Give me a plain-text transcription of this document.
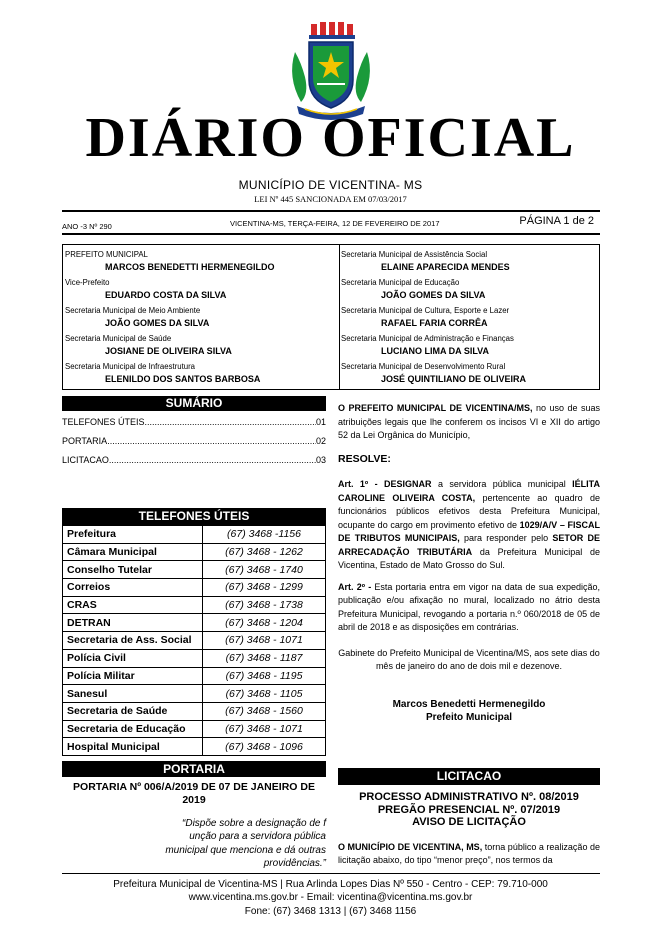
DIÁRIO OFICIAL
MUNICÍPIO DE VICENTINA- MS
LEI Nº 445 SANCIONADA EM 07/03/2017
ANO -3 Nº 290	VICENTINA-MS, TERÇA-FEIRA, 12 DE FEVEREIRO DE 2017	PÁGINA 1 de 2
PREFEITO MUNICIPAL
MARCOS BENEDETTI HERMENEGILDO
Vice-Prefeito
EDUARDO COSTA DA SILVA
Secretaria Municipal de Meio Ambiente
JOÃO GOMES DA SILVA
Secretaria Municipal de Saúde
JOSIANE DE OLIVEIRA SILVA
Secretaria Municipal de Infraestrutura
ELENILDO DOS SANTOS BARBOSA
Secretaria Municipal de Assistência Social
ELAINE APARECIDA MENDES
Secretaria Municipal de Educação
JOÃO GOMES DA SILVA
Secretaria Municipal de Cultura, Esporte e Lazer
RAFAEL FARIA CORRÊA
Secretaria Municipal de Administração e Finanças
LUCIANO LIMA DA SILVA
Secretaria Municipal de Desenvolvimento Rural
JOSÉ QUINTILIANO DE OLIVEIRA
SUMÁRIO
TELEFONES ÚTEIS .....	01
PORTARIA .....	02
LICITACAO .....	03
TELEFONES ÚTEIS
Prefeitura	(67) 3468 -1156
Câmara Municipal	(67) 3468 - 1262
Conselho Tutelar	(67) 3468 - 1740
Correios	(67) 3468 - 1299
CRAS	(67) 3468 - 1738
DETRAN	(67) 3468 - 1204
Secretaria de Ass. Social	(67) 3468 - 1071
Polícia Civil	(67) 3468 - 1187
Polícia Militar	(67) 3468 - 1195
Sanesul	(67) 3468 - 1105
Secretaria de Saúde	(67) 3468 - 1560
Secretaria de Educação	(67) 3468 - 1071
Hospital Municipal	(67) 3468 - 1096
PORTARIA
PORTARIA Nº 006/A/2019 DE 07 DE JANEIRO DE 2019
“Dispõe sobre a designação de f unção para a servidora pública municipal que menciona e dá outras providências.”

O PREFEITO MUNICIPAL DE VICENTINA/MS, no uso de suas atribuições legais que lhe conferem os incisos VI e XII do artigo 52 da Lei Orgânica do Município,

RESOLVE:

Art. 1º - DESIGNAR a servidora pública municipal IÉLITA CAROLINE OLIVEIRA COSTA, pertencente ao quadro de funcionários públicos efetivos desta Prefeitura Municipal, ocupante do cargo em provimento efetivo de 1029/A/V – FISCAL DE TRIBUTOS MUNICIPAIS, para responder pelo SETOR DE ARRECADAÇÃO TRIBUTÁRIA da Prefeitura Municipal de Vicentina, Estado de Mato Grosso do Sul.

Art. 2º - Esta portaria entra em vigor na data de sua expedição, publicação e/ou afixação no mural, localizado no átrio desta Prefeitura Municipal, revogando a portaria n.º 060/2018 de 05 de abril de 2018 e as disposições em contrárias.

Gabinete do Prefeito Municipal de Vicentina/MS, aos sete dias do mês de janeiro do ano de dois mil e dezenove.

Marcos Benedetti Hermenegildo
Prefeito Municipal
LICITACAO
PROCESSO ADMINISTRATIVO Nº. 08/2019
PREGÃO PRESENCIAL Nº. 07/2019
AVISO DE LICITAÇÃO
O MUNICÍPIO DE VICENTINA, MS, torna público a realização de licitação abaixo, do tipo “menor preço”, nos termos da
Prefeitura Municipal de Vicentina-MS | Rua Arlinda Lopes Dias Nº 550 - Centro - CEP: 79.710-000
www.vicentina.ms.gov.br - Email: vicentina@vicentina.ms.gov.br
Fone: (67) 3468 1313 | (67) 3468 1156
